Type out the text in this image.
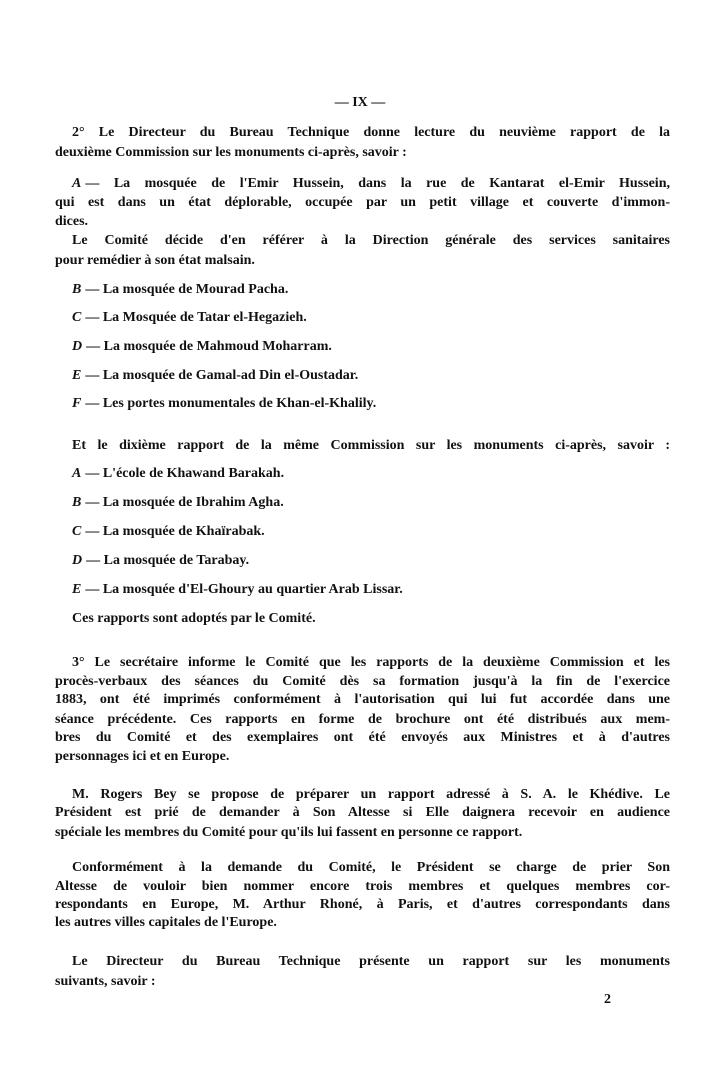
— IX —
2° Le Directeur du Bureau Technique donne lecture du neuvième rapport de la
deuxième Commission sur les monuments ci-après, savoir :
A — La mosquée de l'Emir Hussein, dans la rue de Kantarat el-Emir Hussein,
qui est dans un état déplorable, occupée par un petit village et couverte d'immon-
dices.
Le Comité décide d'en référer à la Direction générale des services sanitaires
pour remédier à son état malsain.
B — La mosquée de Mourad Pacha.
C — La Mosquée de Tatar el-Hegazieh.
D — La mosquée de Mahmoud Moharram.
E — La mosquée de Gamal-ad Din el-Oustadar.
F — Les portes monumentales de Khan-el-Khalily.
Et le dixième rapport de la même Commission sur les monuments ci-après, savoir :
A — L'école de Khawand Barakah.
B — La mosquée de Ibrahim Agha.
C — La mosquée de Khaïrabak.
D — La mosquée de Tarabay.
E — La mosquée d'El-Ghoury au quartier Arab Lissar.
Ces rapports sont adoptés par le Comité.
3° Le secrétaire informe le Comité que les rapports de la deuxième Commission et les
procès-verbaux des séances du Comité dès sa formation jusqu'à la fin de l'exercice
1883, ont été imprimés conformément à l'autorisation qui lui fut accordée dans une
séance précédente. Ces rapports en forme de brochure ont été distribués aux mem-
bres du Comité et des exemplaires ont été envoyés aux Ministres et à d'autres
personnages ici et en Europe.
M. Rogers Bey se propose de préparer un rapport adressé à S. A. le Khédive. Le
Président est prié de demander à Son Altesse si Elle daignera recevoir en audience
spéciale les membres du Comité pour qu'ils lui fassent en personne ce rapport.
Conformément à la demande du Comité, le Président se charge de prier Son
Altesse de vouloir bien nommer encore trois membres et quelques membres cor-
respondants en Europe, M. Arthur Rhoné, à Paris, et d'autres correspondants dans
les autres villes capitales de l'Europe.
Le Directeur du Bureau Technique présente un rapport sur les monuments
suivants, savoir :
2
